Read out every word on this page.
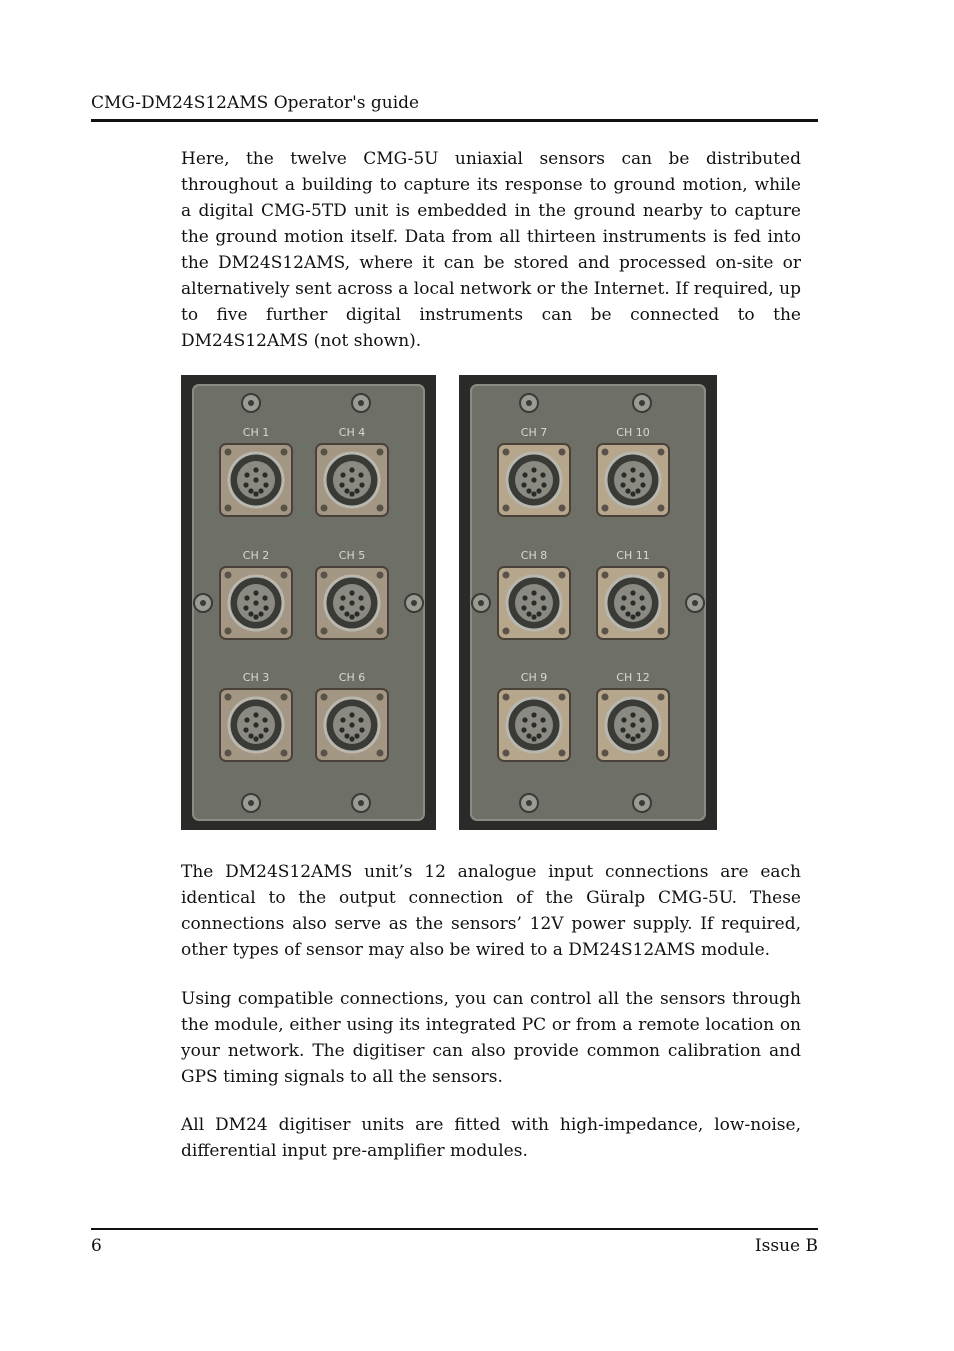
CMG-DM24S12AMS Operator's guide

Here, the twelve CMG-5U uniaxial sensors can be distributed throughout a building to capture its response to ground motion, while a digital CMG-5TD unit is embedded in the ground nearby to capture the ground motion itself. Data from all thirteen instruments is fed into the DM24S12AMS, where it can be stored and processed on-site or alternatively sent across a local network or the Internet. If required, up to five further digital instruments can be connected to the DM24S12AMS (not shown).

CH 1	CH 4
CH 2	CH 5
CH 3	CH 6
CH 7	CH 10
CH 8	CH 11
CH 9	CH 12

The DM24S12AMS unit’s 12 analogue input connections are each identical to the output connection of the Güralp CMG-5U. These connections also serve as the sensors’ 12V power supply. If required, other types of sensor may also be wired to a DM24S12AMS module.

Using compatible connections, you can control all the sensors through the module, either using its integrated PC or from a remote location on your network. The digitiser can also provide common calibration and GPS timing signals to all the sensors.

All DM24 digitiser units are fitted with high-impedance, low-noise, differential input pre-amplifier modules.

6	Issue B
